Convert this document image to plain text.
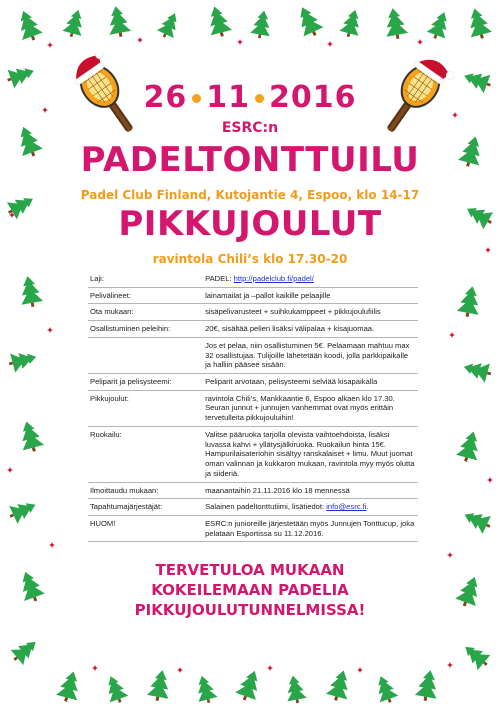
26 11 2016
ESRC:n
PADELTONTTUILU
Padel Club Finland, Kutojantie 4, Espoo, klo 14-17
PIKKUJOULUT
ravintola Chili’s klo 17.30-20
Laji:	PADEL: http://padelclub.fi/padel/
Pelivälineet:	lainamailat ja –pallot kaikille pelaajille
Ota mukaan:	sisäpelivarusteet + suihkukamppeet + pikkujoulufiilis
Osallistuminen peleihin:	20€, sisältää pelien lisäksi välipalaa + kisajuomaa.
	Jos et pelaa, niin osallistuminen 5€. Pelaamaan mahtuu max 32 osallistujaa. Tulijoille lähetetään koodi, jolla parkkipaikalle ja halliin pääsee sisään.
Peliparit ja pelisysteemi:	Peliparit arvotaan, pelisysteemi selviää kisapaikalla
Pikkujoulut:	ravintola Chili’s, Mankkaantie 6, Espoo alkaen klo 17.30. Seuran junnut + junnujen vanhemmat ovat myös erittäin tervetulleita pikkujouluihin!
Ruokailu:	Valitse pääruoka tarjolla olevista vaihtoehdoista, lisäksi luvassa kahvi + yllätysjälkiruoka. Ruokailun hinta 15€. Hampurilaisateriohin sisältyy ranskalaiset + limu. Muut juomat oman valinnan ja kukkaron mukaan, ravintola myy myös olutta ja siideriä.
Ilmoittaudu mukaan:	maanantaihin 21.11.2016 klo 18 mennessä
Tapahtumajärjestäjät:	Salainen padeltonttutiimi, lisätiedot: info@esrc.fi.
HUOM!	ESRC:n junioreille järjestetään myös Junnujen Tonttucup, joka pelataan Esportissa su 11.12.2016.
TERVETULOA MUKAAN
KOKEILEMAAN PADELIA
PIKKUJOULUTUNNELMISSA!
